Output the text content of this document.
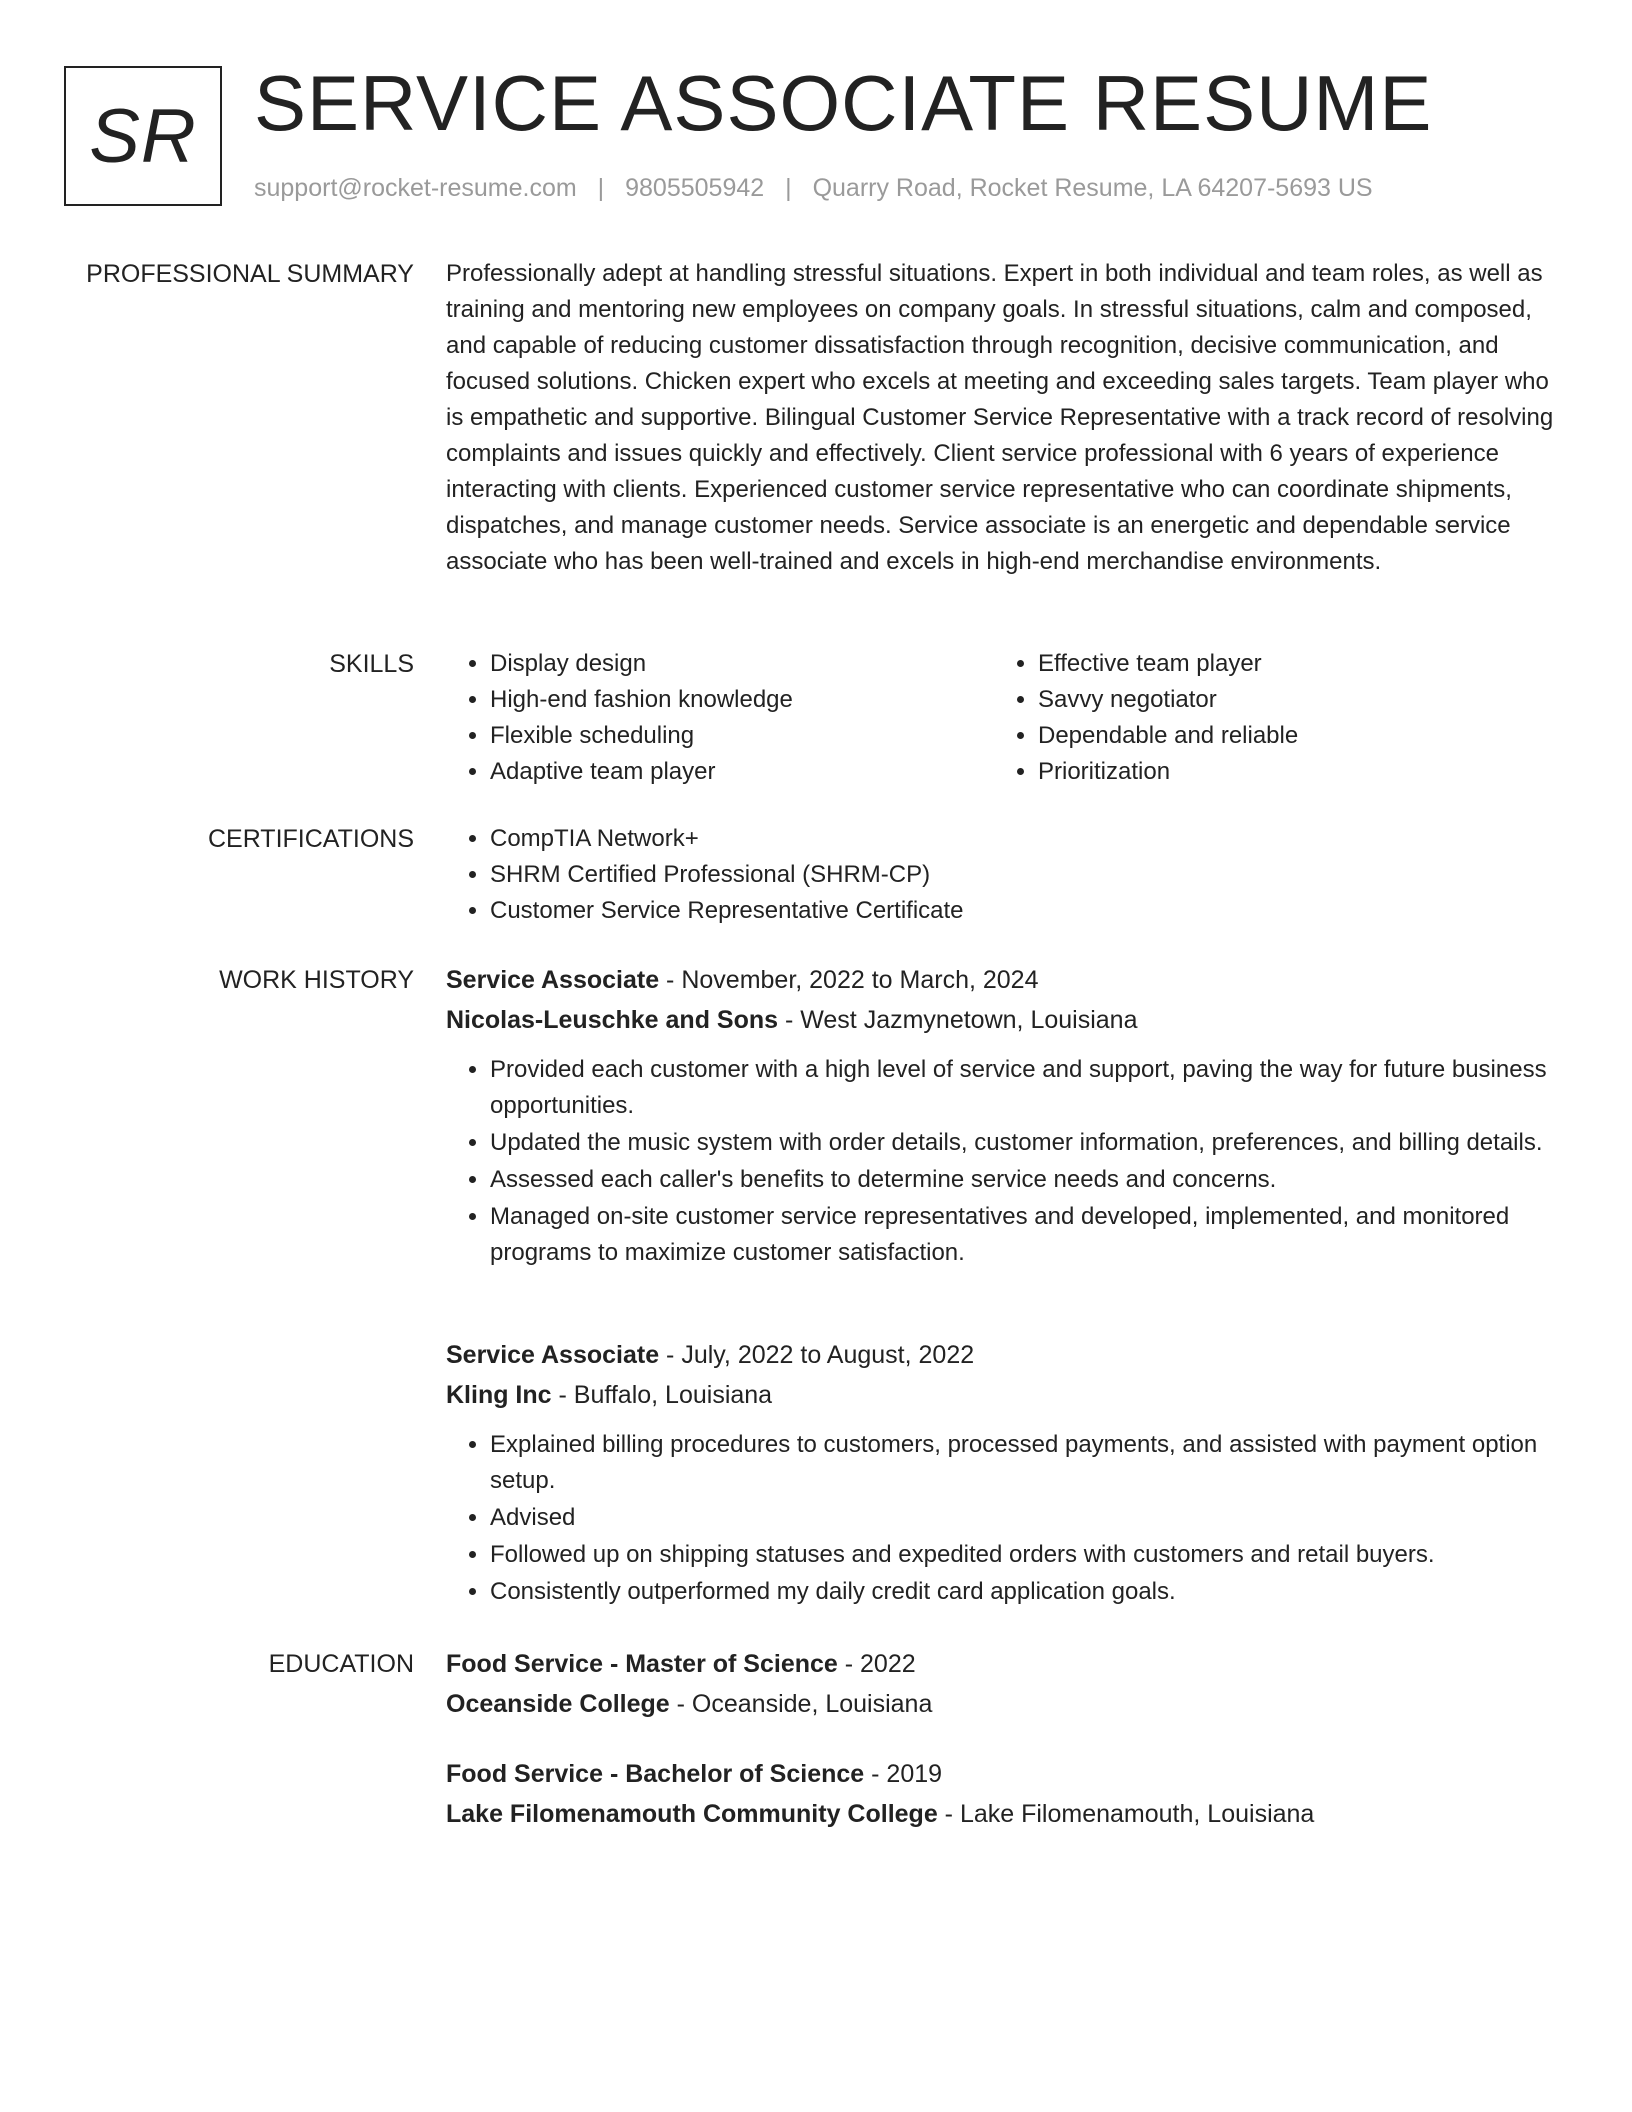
SR SERVICE ASSOCIATE RESUME
support@rocket-resume.com | 9805505942 | Quarry Road, Rocket Resume, LA 64207-5693 US
PROFESSIONAL SUMMARY Professionally adept at handling stressful situations. Expert in both individual and team roles, as well as training and mentoring new employees on company goals. In stressful situations, calm and composed, and capable of reducing customer dissatisfaction through recognition, decisive communication, and focused solutions. Chicken expert who excels at meeting and exceeding sales targets. Team player who is empathetic and supportive. Bilingual Customer Service Representative with a track record of resolving complaints and issues quickly and effectively. Client service professional with 6 years of experience interacting with clients. Experienced customer service representative who can coordinate shipments, dispatches, and manage customer needs. Service associate is an energetic and dependable service associate who has been well-trained and excels in high-end merchandise environments.

SKILLS	• Display design
• High-end fashion knowledge
• Flexible scheduling
• Adaptive team player
• Effective team player
• Savvy negotiator
• Dependable and reliable
• Prioritization
CERTIFICATIONS	• CompTIA Network+
• SHRM Certified Professional (SHRM-CP)
• Customer Service Representative Certificate
WORK HISTORY Service Associate - November, 2022 to March, 2024
Nicolas-Leuschke and Sons - West Jazmynetown, Louisiana
• Provided each customer with a high level of service and support, paving the way for future business opportunities.
• Updated the music system with order details, customer information, preferences, and billing details.
• Assessed each caller's benefits to determine service needs and concerns.
• Managed on-site customer service representatives and developed, implemented, and monitored programs to maximize customer satisfaction.
Service Associate - July, 2022 to August, 2022
Kling Inc - Buffalo, Louisiana
• Explained billing procedures to customers, processed payments, and assisted with payment option setup.
• Advised
• Followed up on shipping statuses and expedited orders with customers and retail buyers.
• Consistently outperformed my daily credit card application goals.
EDUCATION Food Service - Master of Science - 2022
Oceanside College - Oceanside, Louisiana
Food Service - Bachelor of Science - 2019
Lake Filomenamouth Community College - Lake Filomenamouth, Louisiana
